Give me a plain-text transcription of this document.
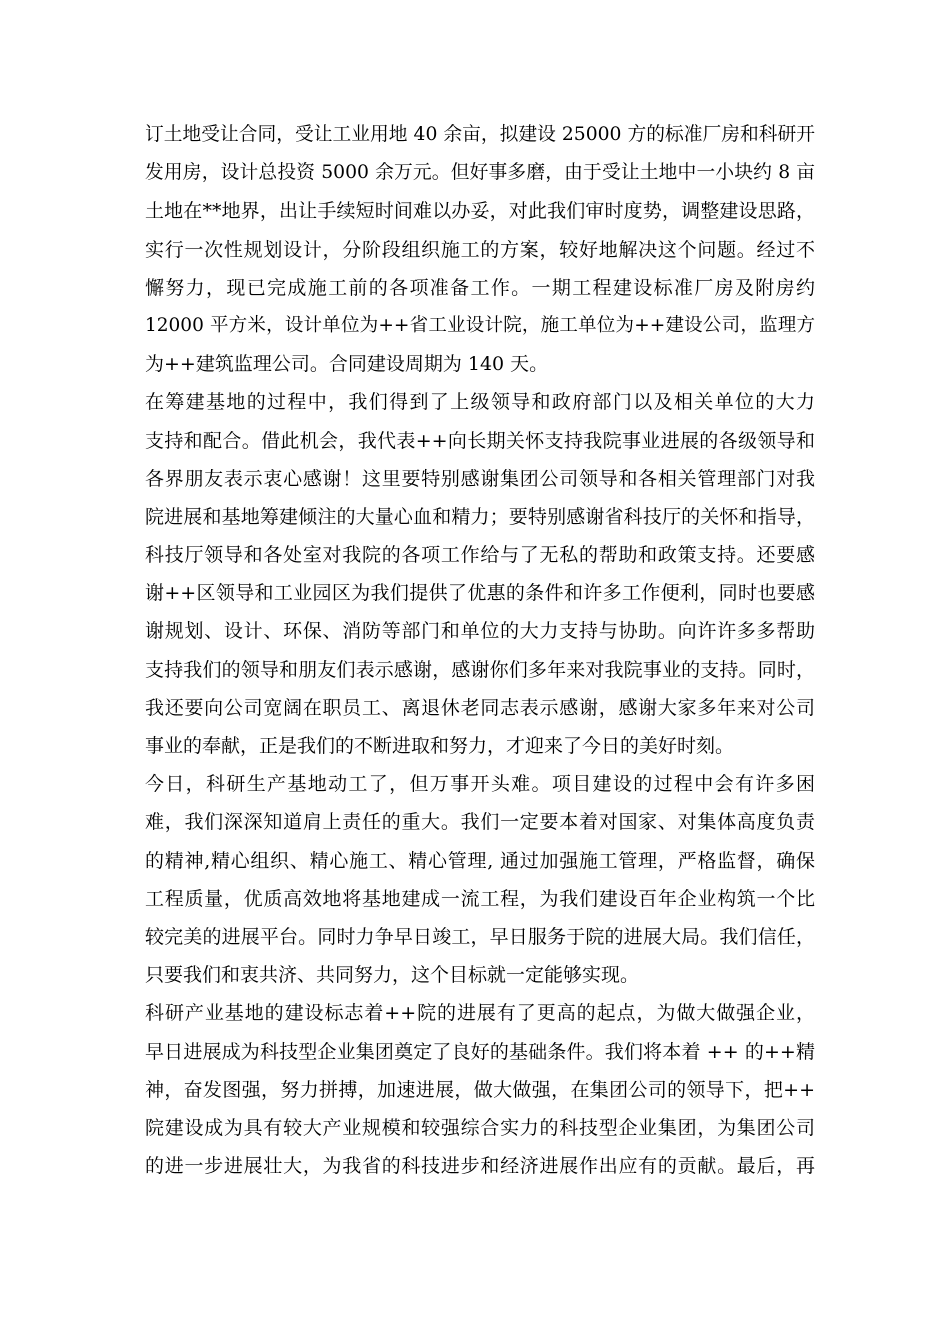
订土地受让合同，受让工业用地 40 余亩，拟建设 25000 方的标准厂房和科研开
发用房，设计总投资 5000 余万元。但好事多磨，由于受让土地中一小块约 8 亩
土地在**地界，出让手续短时间难以办妥，对此我们审时度势，调整建设思路，
实行一次性规划设计，分阶段组织施工的方案，较好地解决这个问题。经过不
懈努力，现已完成施工前的各项准备工作。一期工程建设标准厂房及附房约
12000 平方米，设计单位为++省工业设计院，施工单位为++建设公司，监理方
为++建筑监理公司。合同建设周期为 140 天。
在筹建基地的过程中，我们得到了上级领导和政府部门以及相关单位的大力
支持和配合。借此机会，我代表++向长期关怀支持我院事业进展的各级领导和
各界朋友表示衷心感谢！这里要特别感谢集团公司领导和各相关管理部门对我
院进展和基地筹建倾注的大量心血和精力；要特别感谢省科技厅的关怀和指导，
科技厅领导和各处室对我院的各项工作给与了无私的帮助和政策支持。还要感
谢++区领导和工业园区为我们提供了优惠的条件和许多工作便利，同时也要感
谢规划、设计、环保、消防等部门和单位的大力支持与协助。向许许多多帮助
支持我们的领导和朋友们表示感谢，感谢你们多年来对我院事业的支持。同时，
我还要向公司宽阔在职员工、离退休老同志表示感谢，感谢大家多年来对公司
事业的奉献，正是我们的不断进取和努力，才迎来了今日的美好时刻。
今日，科研生产基地动工了，但万事开头难。项目建设的过程中会有许多困
难，我们深深知道肩上责任的重大。我们一定要本着对国家、对集体高度负责
的精神,精心组织、精心施工、精心管理, 通过加强施工管理，严格监督，确保
工程质量，优质高效地将基地建成一流工程，为我们建设百年企业构筑一个比
较完美的进展平台。同时力争早日竣工，早日服务于院的进展大局。我们信任，
只要我们和衷共济、共同努力，这个目标就一定能够实现。
科研产业基地的建设标志着++院的进展有了更高的起点，为做大做强企业，
早日进展成为科技型企业集团奠定了良好的基础条件。我们将本着 ++ 的++精
神，奋发图强，努力拼搏，加速进展，做大做强，在集团公司的领导下，把++
院建设成为具有较大产业规模和较强综合实力的科技型企业集团，为集团公司
的进一步进展壮大，为我省的科技进步和经济进展作出应有的贡献。最后，再
